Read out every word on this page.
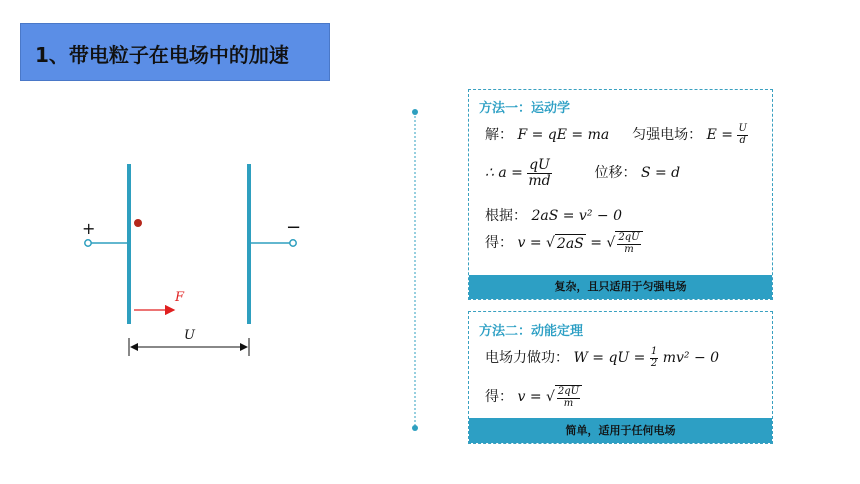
1、带电粒子在电场中的加速
+	−
F
U
方法一：运动学
解： F = qE = ma 匀强电场： $E = \frac{U}{d}$
∴ $a = \frac{qU}{md}$	位移： S = d
根据： 2aS = v² − 0
得： v = √ 2aS = √ $\frac{2qU}{m}$
复杂，且只适用于匀强电场
方法二：动能定理
电场力做功： W = qU = $\frac{1}{2} mv^2 - 0$
得： v = √ $\frac{2qU}{m}$
简单，适用于任何电场
